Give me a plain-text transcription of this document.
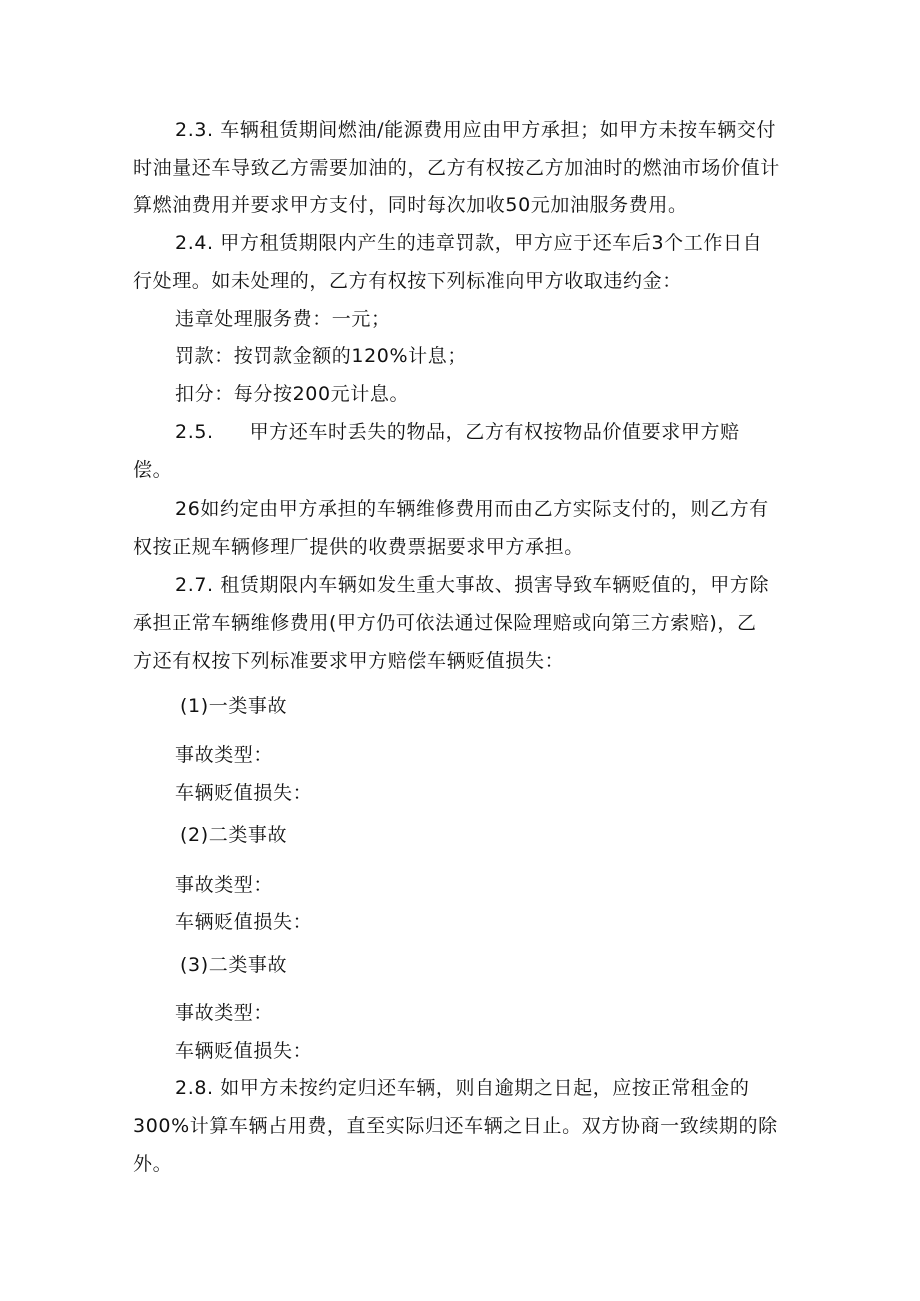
2.3. 车辆租赁期间燃油/能源费用应由甲方承担；如甲方未按车辆交付
时油量还车导致乙方需要加油的，乙方有权按乙方加油时的燃油市场价值计
算燃油费用并要求甲方支付，同时每次加收50元加油服务费用。
2.4. 甲方租赁期限内产生的违章罚款，甲方应于还车后3个工作日自
行处理。如未处理的，乙方有权按下列标准向甲方收取违约金：
违章处理服务费：一元；
罚款：按罚款金额的120%计息；
扣分：每分按200元计息。
2.5. 甲方还车时丢失的物品，乙方有权按物品价值要求甲方赔
偿。
26如约定由甲方承担的车辆维修费用而由乙方实际支付的，则乙方有
权按正规车辆修理厂提供的收费票据要求甲方承担。
2.7. 租赁期限内车辆如发生重大事故、损害导致车辆贬值的，甲方除
承担正常车辆维修费用(甲方仍可依法通过保险理赔或向第三方索赔)，乙
方还有权按下列标准要求甲方赔偿车辆贬值损失：
(1)一类事故
事故类型：
车辆贬值损失：
(2)二类事故
事故类型：
车辆贬值损失：
(3)二类事故
事故类型：
车辆贬值损失：
2.8. 如甲方未按约定归还车辆，则自逾期之日起，应按正常租金的
300%计算车辆占用费，直至实际归还车辆之日止。双方协商一致续期的除
外。
